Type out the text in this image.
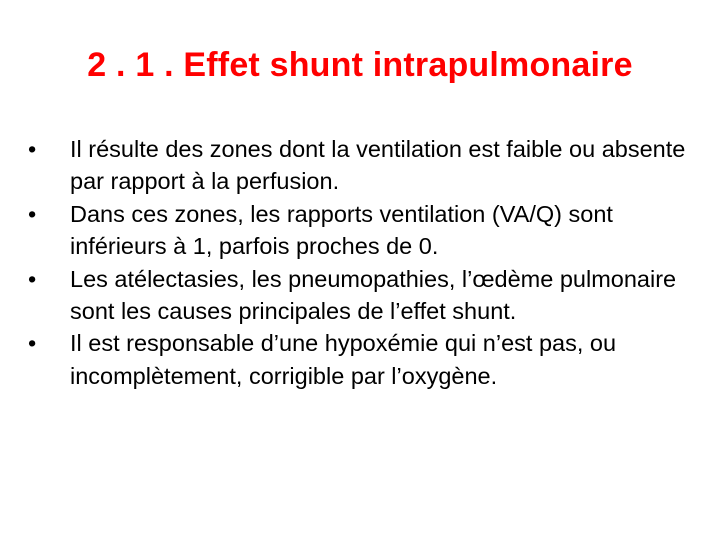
2 . 1 . Effet shunt intrapulmonaire
•	Il résulte des zones dont la ventilation est faible ou absente par rapport à la perfusion.
•	Dans ces zones, les rapports ventilation (VA/Q) sont inférieurs à 1, parfois proches de 0.
•	Les atélectasies, les pneumopathies, l’œdème pulmonaire sont les causes principales de l’effet shunt.
•	Il est responsable d’une hypoxémie qui n’est pas, ou incomplètement, corrigible par l’oxygène.
